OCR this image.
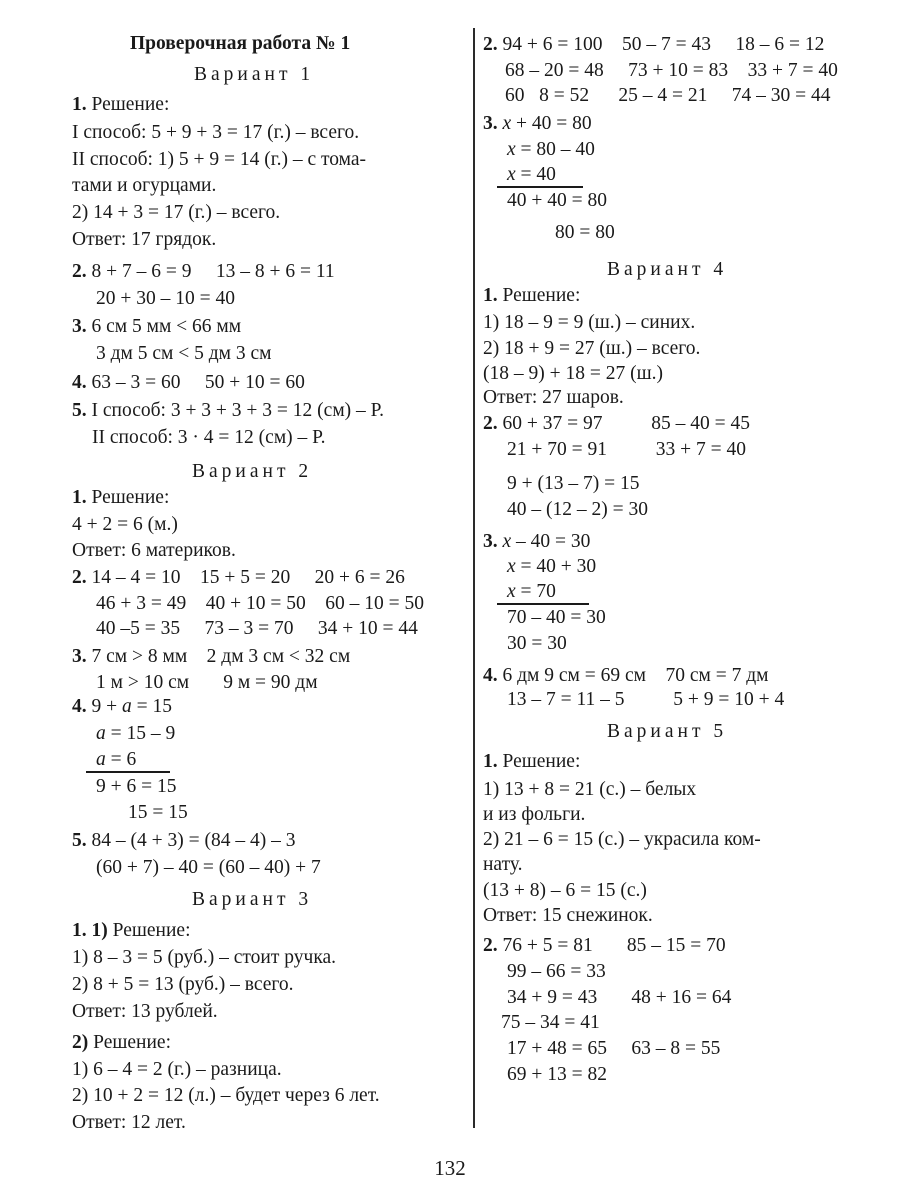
Проверочная работа № 1
Вариант 1
1. Решение:
I способ: 5 + 9 + 3 = 17 (г.) – всего.
II способ: 1) 5 + 9 = 14 (г.) – с тома-
тами и огурцами.
2) 14 + 3 = 17 (г.) – всего.
Ответ: 17 грядок.
2. 8 + 7 – 6 = 9     13 – 8 + 6 = 11
20 + 30 – 10 = 40
3. 6 см 5 мм < 66 мм
3 дм 5 см < 5 дм 3 см
4. 63 – 3 = 60     50 + 10 = 60
5. I способ: 3 + 3 + 3 + 3 = 12 (см) – Р.
II способ: 3 · 4 = 12 (см) – Р.
Вариант 2
1. Решение:
4 + 2 = 6 (м.)
Ответ: 6 материков.
2. 14 – 4 = 10    15 + 5 = 20     20 + 6 = 26
46 + 3 = 49    40 + 10 = 50    60 – 10 = 50
40 –5 = 35     73 – 3 = 70     34 + 10 = 44
3. 7 см > 8 мм    2 дм 3 см < 32 см
1 м > 10 см       9 м = 90 дм
4. 9 + a = 15
a = 15 – 9
a = 6
9 + 6 = 15
15 = 15
5. 84 – (4 + 3) = (84 – 4) – 3
(60 + 7) – 40 = (60 – 40) + 7
Вариант 3
1. 1) Решение:
1) 8 – 3 = 5 (руб.) – стоит ручка.
2) 8 + 5 = 13 (руб.) – всего.
Ответ: 13 рублей.
2) Решение:
1) 6 – 4 = 2 (г.) – разница.
2) 10 + 2 = 12 (л.) – будет через 6 лет.
Ответ: 12 лет.
2. 94 + 6 = 100    50 – 7 = 43     18 – 6 = 12
68 – 20 = 48     73 + 10 = 83    33 + 7 = 40
60   8 = 52      25 – 4 = 21     74 – 30 = 44
3. x + 40 = 80
x = 80 – 40
x = 40
40 + 40 = 80
80 = 80
Вариант 4
1. Решение:
1) 18 – 9 = 9 (ш.) – синих.
2) 18 + 9 = 27 (ш.) – всего.
(18 – 9) + 18 = 27 (ш.)
Ответ: 27 шаров.
2. 60 + 37 = 97          85 – 40 = 45
21 + 70 = 91          33 + 7 = 40
9 + (13 – 7) = 15
40 – (12 – 2) = 30
3. x – 40 = 30
x = 40 + 30
x = 70
70 – 40 = 30
30 = 30
4. 6 дм 9 см = 69 см    70 см = 7 дм
13 – 7 = 11 – 5          5 + 9 = 10 + 4
Вариант 5
1. Решение:
1) 13 + 8 = 21 (с.) – белых
и из фольги.
2) 21 – 6 = 15 (с.) – украсила ком-
нату.
(13 + 8) – 6 = 15 (с.)
Ответ: 15 снежинок.
2. 76 + 5 = 81       85 – 15 = 70
99 – 66 = 33
34 + 9 = 43       48 + 16 = 64
75 – 34 = 41
17 + 48 = 65     63 – 8 = 55
69 + 13 = 82
132
